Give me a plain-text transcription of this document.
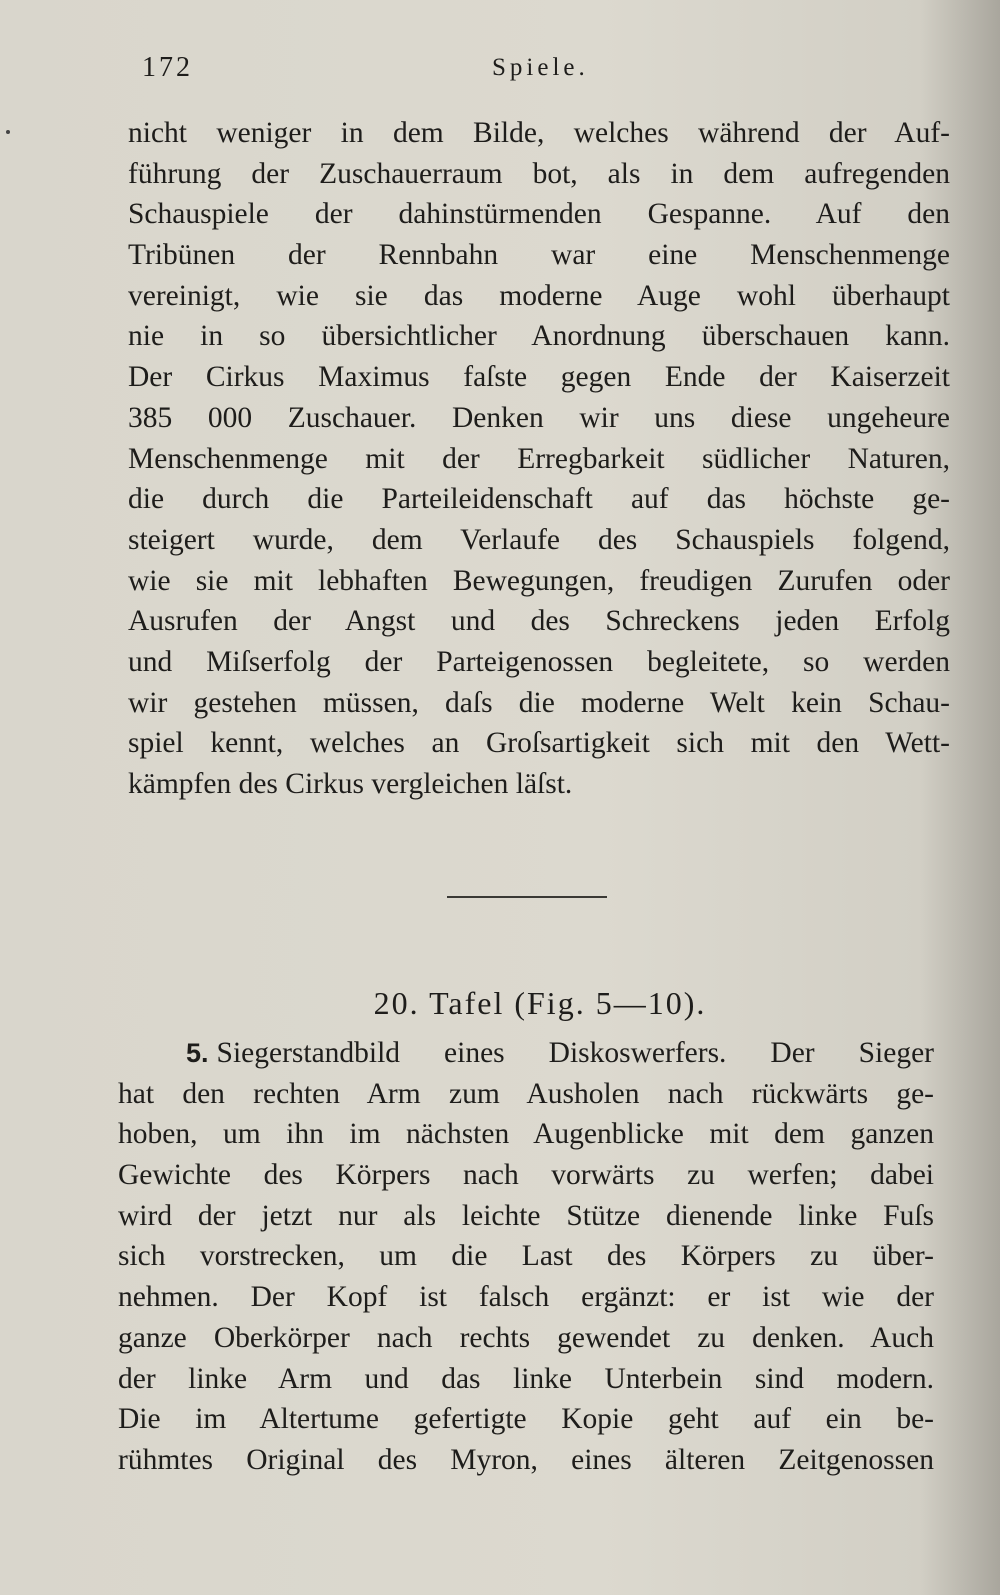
172	Spiele.
nicht weniger in dem Bilde, welches während der Auf-
führung der Zuschauerraum bot, als in dem aufregenden
Schauspiele der dahinstürmenden Gespanne. Auf den
Tribünen der Rennbahn war eine Menschenmenge
vereinigt, wie sie das moderne Auge wohl überhaupt
nie in so übersichtlicher Anordnung überschauen kann.
Der Cirkus Maximus faſste gegen Ende der Kaiserzeit
385 000 Zuschauer. Denken wir uns diese ungeheure
Menschenmenge mit der Erregbarkeit südlicher Naturen,
die durch die Parteileidenschaft auf das höchste ge-
steigert wurde, dem Verlaufe des Schauspiels folgend,
wie sie mit lebhaften Bewegungen, freudigen Zurufen oder
Ausrufen der Angst und des Schreckens jeden Erfolg
und Miſserfolg der Parteigenossen begleitete, so werden
wir gestehen müssen, daſs die moderne Welt kein Schau-
spiel kennt, welches an Groſsartigkeit sich mit den Wett-
kämpfen des Cirkus vergleichen läſst.
20. Tafel (Fig. 5—10).
5. Siegerstandbild eines Diskoswerfers. Der Sieger
hat den rechten Arm zum Ausholen nach rückwärts ge-
hoben, um ihn im nächsten Augenblicke mit dem ganzen
Gewichte des Körpers nach vorwärts zu werfen; dabei
wird der jetzt nur als leichte Stütze dienende linke Fuſs
sich vorstrecken, um die Last des Körpers zu über-
nehmen. Der Kopf ist falsch ergänzt: er ist wie der
ganze Oberkörper nach rechts gewendet zu denken. Auch
der linke Arm und das linke Unterbein sind modern.
Die im Altertume gefertigte Kopie geht auf ein be-
rühmtes Original des Myron, eines älteren Zeitgenossen
